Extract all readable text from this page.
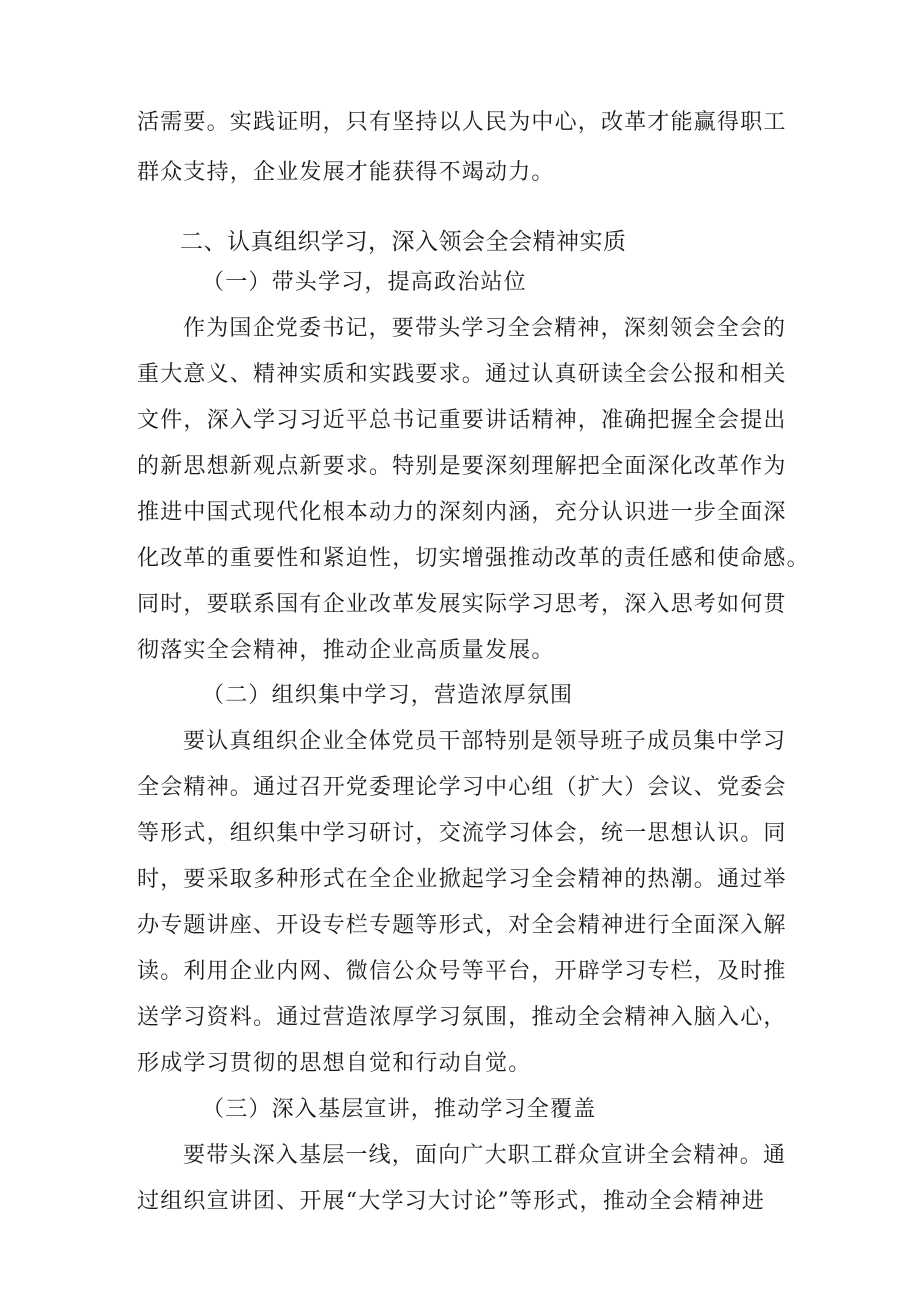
活需要。实践证明，只有坚持以人民为中心，改革才能赢得职工
群众支持，企业发展才能获得不竭动力。
二、认真组织学习，深入领会全会精神实质
（一）带头学习，提高政治站位
作为国企党委书记，要带头学习全会精神，深刻领会全会的
重大意义、精神实质和实践要求。通过认真研读全会公报和相关
文件，深入学习习近平总书记重要讲话精神，准确把握全会提出
的新思想新观点新要求。特别是要深刻理解把全面深化改革作为
推进中国式现代化根本动力的深刻内涵，充分认识进一步全面深
化改革的重要性和紧迫性，切实增强推动改革的责任感和使命感。
同时，要联系国有企业改革发展实际学习思考，深入思考如何贯
彻落实全会精神，推动企业高质量发展。
（二）组织集中学习，营造浓厚氛围
要认真组织企业全体党员干部特别是领导班子成员集中学习
全会精神。通过召开党委理论学习中心组（扩大）会议、党委会
等形式，组织集中学习研讨，交流学习体会，统一思想认识。同
时，要采取多种形式在全企业掀起学习全会精神的热潮。通过举
办专题讲座、开设专栏专题等形式，对全会精神进行全面深入解
读。利用企业内网、微信公众号等平台，开辟学习专栏，及时推
送学习资料。通过营造浓厚学习氛围，推动全会精神入脑入心，
形成学习贯彻的思想自觉和行动自觉。
（三）深入基层宣讲，推动学习全覆盖
要带头深入基层一线，面向广大职工群众宣讲全会精神。通
过组织宣讲团、开展“大学习大讨论”等形式，推动全会精神进
